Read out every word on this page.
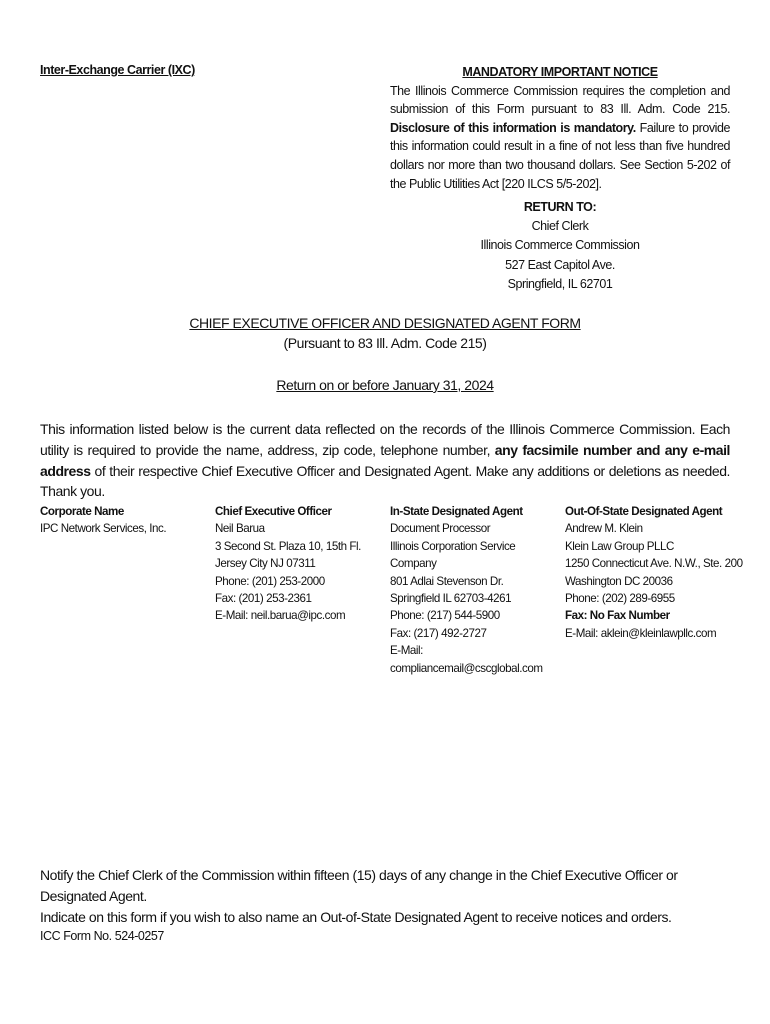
Inter-Exchange Carrier (IXC)	MANDATORY IMPORTANT NOTICE
The Illinois Commerce Commission requires the completion and submission of this Form pursuant to 83 Ill. Adm. Code 215. Disclosure of this information is mandatory. Failure to provide this information could result in a fine of not less than five hundred dollars nor more than two thousand dollars. See Section 5-202 of the Public Utilities Act [220 ILCS 5/5-202].
RETURN TO:
Chief Clerk
Illinois Commerce Commission
527 East Capitol Ave.
Springfield, IL 62701
CHIEF EXECUTIVE OFFICER AND DESIGNATED AGENT FORM
(Pursuant to 83 Ill. Adm. Code 215)
Return on or before January 31, 2024
This information listed below is the current data reflected on the records of the Illinois Commerce Commission. Each utility is required to provide the name, address, zip code, telephone number, any facsimile number and any e-mail address of their respective Chief Executive Officer and Designated Agent. Make any additions or deletions as needed. Thank you.
Corporate Name
IPC Network Services, Inc.
Chief Executive Officer
Neil Barua
3 Second St. Plaza 10, 15th Fl.
Jersey City NJ 07311
Phone: (201) 253-2000
Fax: (201) 253-2361
E-Mail: neil.barua@ipc.com
In-State Designated Agent
Document Processor
Illinois Corporation Service Company
801 Adlai Stevenson Dr.
Springfield IL 62703-4261
Phone: (217) 544-5900
Fax: (217) 492-2727
E-Mail: compliancemail@cscglobal.com
Out-Of-State Designated Agent
Andrew M. Klein
Klein Law Group PLLC
1250 Connecticut Ave. N.W., Ste. 200
Washington DC 20036
Phone: (202) 289-6955
Fax: No Fax Number
E-Mail: aklein@kleinlawpllc.com
Notify the Chief Clerk of the Commission within fifteen (15) days of any change in the Chief Executive Officer or Designated Agent.
Indicate on this form if you wish to also name an Out-of-State Designated Agent to receive notices and orders.
ICC Form No. 524-0257
